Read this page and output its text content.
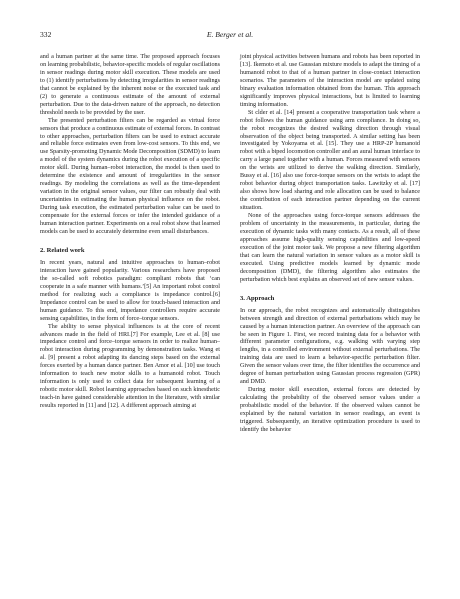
332	E. Berger et al.

and a human partner at the same time. The proposed approach focuses on learning probabilistic, behavior-specific models of regular oscillations in sensor readings during motor skill execution. These models are used to (1) identify perturbations by detecting irregularities in sensor readings that cannot be explained by the inherent noise or the executed task and (2) to generate a continuous estimate of the amount of external perturbation. Due to the data-driven nature of the approach, no detection threshold needs to be provided by the user.

The presented perturbation filters can be regarded as virtual force sensors that produce a continuous estimate of external forces. In contrast to other approaches, perturbation filters can be used to extract accurate and reliable force estimates even from low-cost sensors. To this end, we use Sparsity-promoting Dynamic Mode Decomposition (SDMD) to learn a model of the system dynamics during the robot execution of a specific motor skill. During human–robot interaction, the model is then used to determine the existence and amount of irregularities in the sensor readings. By modeling the correlations as well as the time-dependent variation in the original sensor values, our filter can robustly deal with uncertainties in estimating the human physical influence on the robot. During task execution, the estimated perturbation value can be used to compensate for the external forces or infer the intended guidance of a human interaction partner. Experiments on a real robot show that learned models can be used to accurately determine even small disturbances.

2. Related work

In recent years, natural and intuitive approaches to human–robot interaction have gained popularity. Various researchers have proposed the so-called soft robotics paradigm: compliant robots that ‘can cooperate in a safe manner with humans.’[5] An important robot control method for realizing such a compliance is impedance control.[6] Impedance control can be used to allow for touch-based interaction and human guidance. To this end, impedance controllers require accurate sensing capabilities, in the form of force–torque sensors.

The ability to sense physical influences is at the core of recent advances made in the field of HRI.[7] For example, Lee et al. [8] use impedance control and force–torque sensors in order to realize human–robot interaction during programming by demonstration tasks. Wang et al. [9] present a robot adapting its dancing steps based on the external forces exerted by a human dance partner. Ben Amor et al. [10] use touch information to teach new motor skills to a humanoid robot. Touch information is only used to collect data for subsequent learning of a robotic motor skill. Robot learning approaches based on such kinesthetic teach-in have gained considerable attention in the literature, with similar results reported in [11] and [12]. A different approach aiming at

joint physical activities between humans and robots has been reported in [13]. Ikemoto et al. use Gaussian mixture models to adapt the timing of a humanoid robot to that of a human partner in close-contact interaction scenarios. The parameters of the interaction model are updated using binary evaluation information obtained from the human. This approach significantly improves physical interactions, but is limited to learning timing information.

St clder et al. [14] present a cooperative transportation task where a robot follows the human guidance using arm compliance. In doing so, the robot recognizes the desired walking direction through visual observation of the object being transported. A similar setting has been investigated by Yokoyama et al. [15]. They use a HRP-2P humanoid robot with a biped locomotion controller and an aural human interface to carry a large panel together with a human. Forces measured with sensors on the wrists are utilized to derive the walking direction. Similarly, Bussy et al. [16] also use force-torque sensors on the wrists to adapt the robot behavior during object transportation tasks. Lawitzky et al. [17] also shows how load sharing and role allocation can be used to balance the contribution of each interaction partner depending on the current situation.

None of the approaches using force-torque sensors addresses the problem of uncertainty in the measurements, in particular, during the execution of dynamic tasks with many contacts. As a result, all of these approaches assume high-quality sensing capabilities and low-speed execution of the joint motor task. We propose a new filtering algorithm that can learn the natural variation in sensor values as a motor skill is executed. Using predictive models learned by dynamic mode decomposition (DMD), the filtering algorithm also estimates the perturbation which best explains an observed set of new sensor values.

3. Approach

In our approach, the robot recognizes and automatically distinguishes between strength and direction of external perturbations which may be caused by a human interaction partner. An overview of the approach can be seen in Figure 1. First, we record training data for a behavior with different parameter configurations, e.g. walking with varying step lengths, in a controlled environment without external perturbations. The training data are used to learn a behavior-specific perturbation filter. Given the sensor values over time, the filter identifies the occurrence and degree of human perturbation using Gaussian process regression (GPR) and DMD.

During motor skill execution, external forces are detected by calculating the probability of the observed sensor values under a probabilistic model of the behavior. If the observed values cannot be explained by the natural variation in sensor readings, an event is triggered. Subsequently, an iterative optimization procedure is used to identify the behavior
